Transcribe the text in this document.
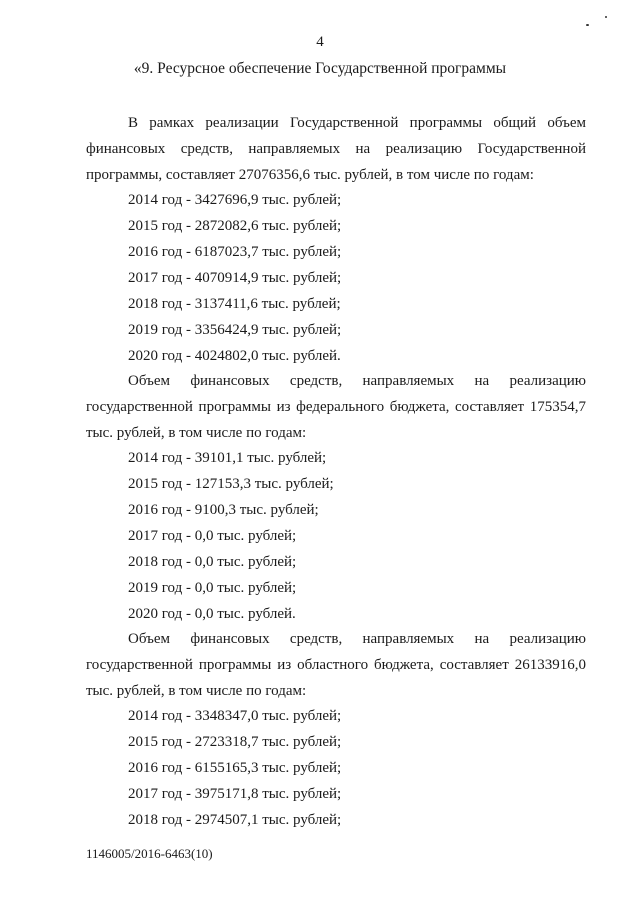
4
«9. Ресурсное обеспечение Государственной программы
В рамках реализации Государственной программы общий объем
финансовых средств, направляемых на реализацию Государственной
программы, составляет 27076356,6 тыс. рублей, в том числе по годам:
2014 год - 3427696,9 тыс. рублей;
2015 год - 2872082,6 тыс. рублей;
2016 год - 6187023,7 тыс. рублей;
2017 год - 4070914,9 тыс. рублей;
2018 год - 3137411,6 тыс. рублей;
2019 год - 3356424,9 тыс. рублей;
2020 год - 4024802,0 тыс. рублей.
Объем финансовых средств, направляемых на реализацию
государственной программы из федерального бюджета, составляет 175354,7
тыс. рублей, в том числе по годам:
2014 год - 39101,1 тыс. рублей;
2015 год - 127153,3 тыс. рублей;
2016 год - 9100,3 тыс. рублей;
2017 год - 0,0 тыс. рублей;
2018 год - 0,0 тыс. рублей;
2019 год - 0,0 тыс. рублей;
2020 год - 0,0 тыс. рублей.
Объем финансовых средств, направляемых на реализацию
государственной программы из областного бюджета, составляет 26133916,0
тыс. рублей, в том числе по годам:
2014 год - 3348347,0 тыс. рублей;
2015 год - 2723318,7 тыс. рублей;
2016 год - 6155165,3 тыс. рублей;
2017 год - 3975171,8 тыс. рублей;
2018 год - 2974507,1 тыс. рублей;
1146005/2016-6463(10)
